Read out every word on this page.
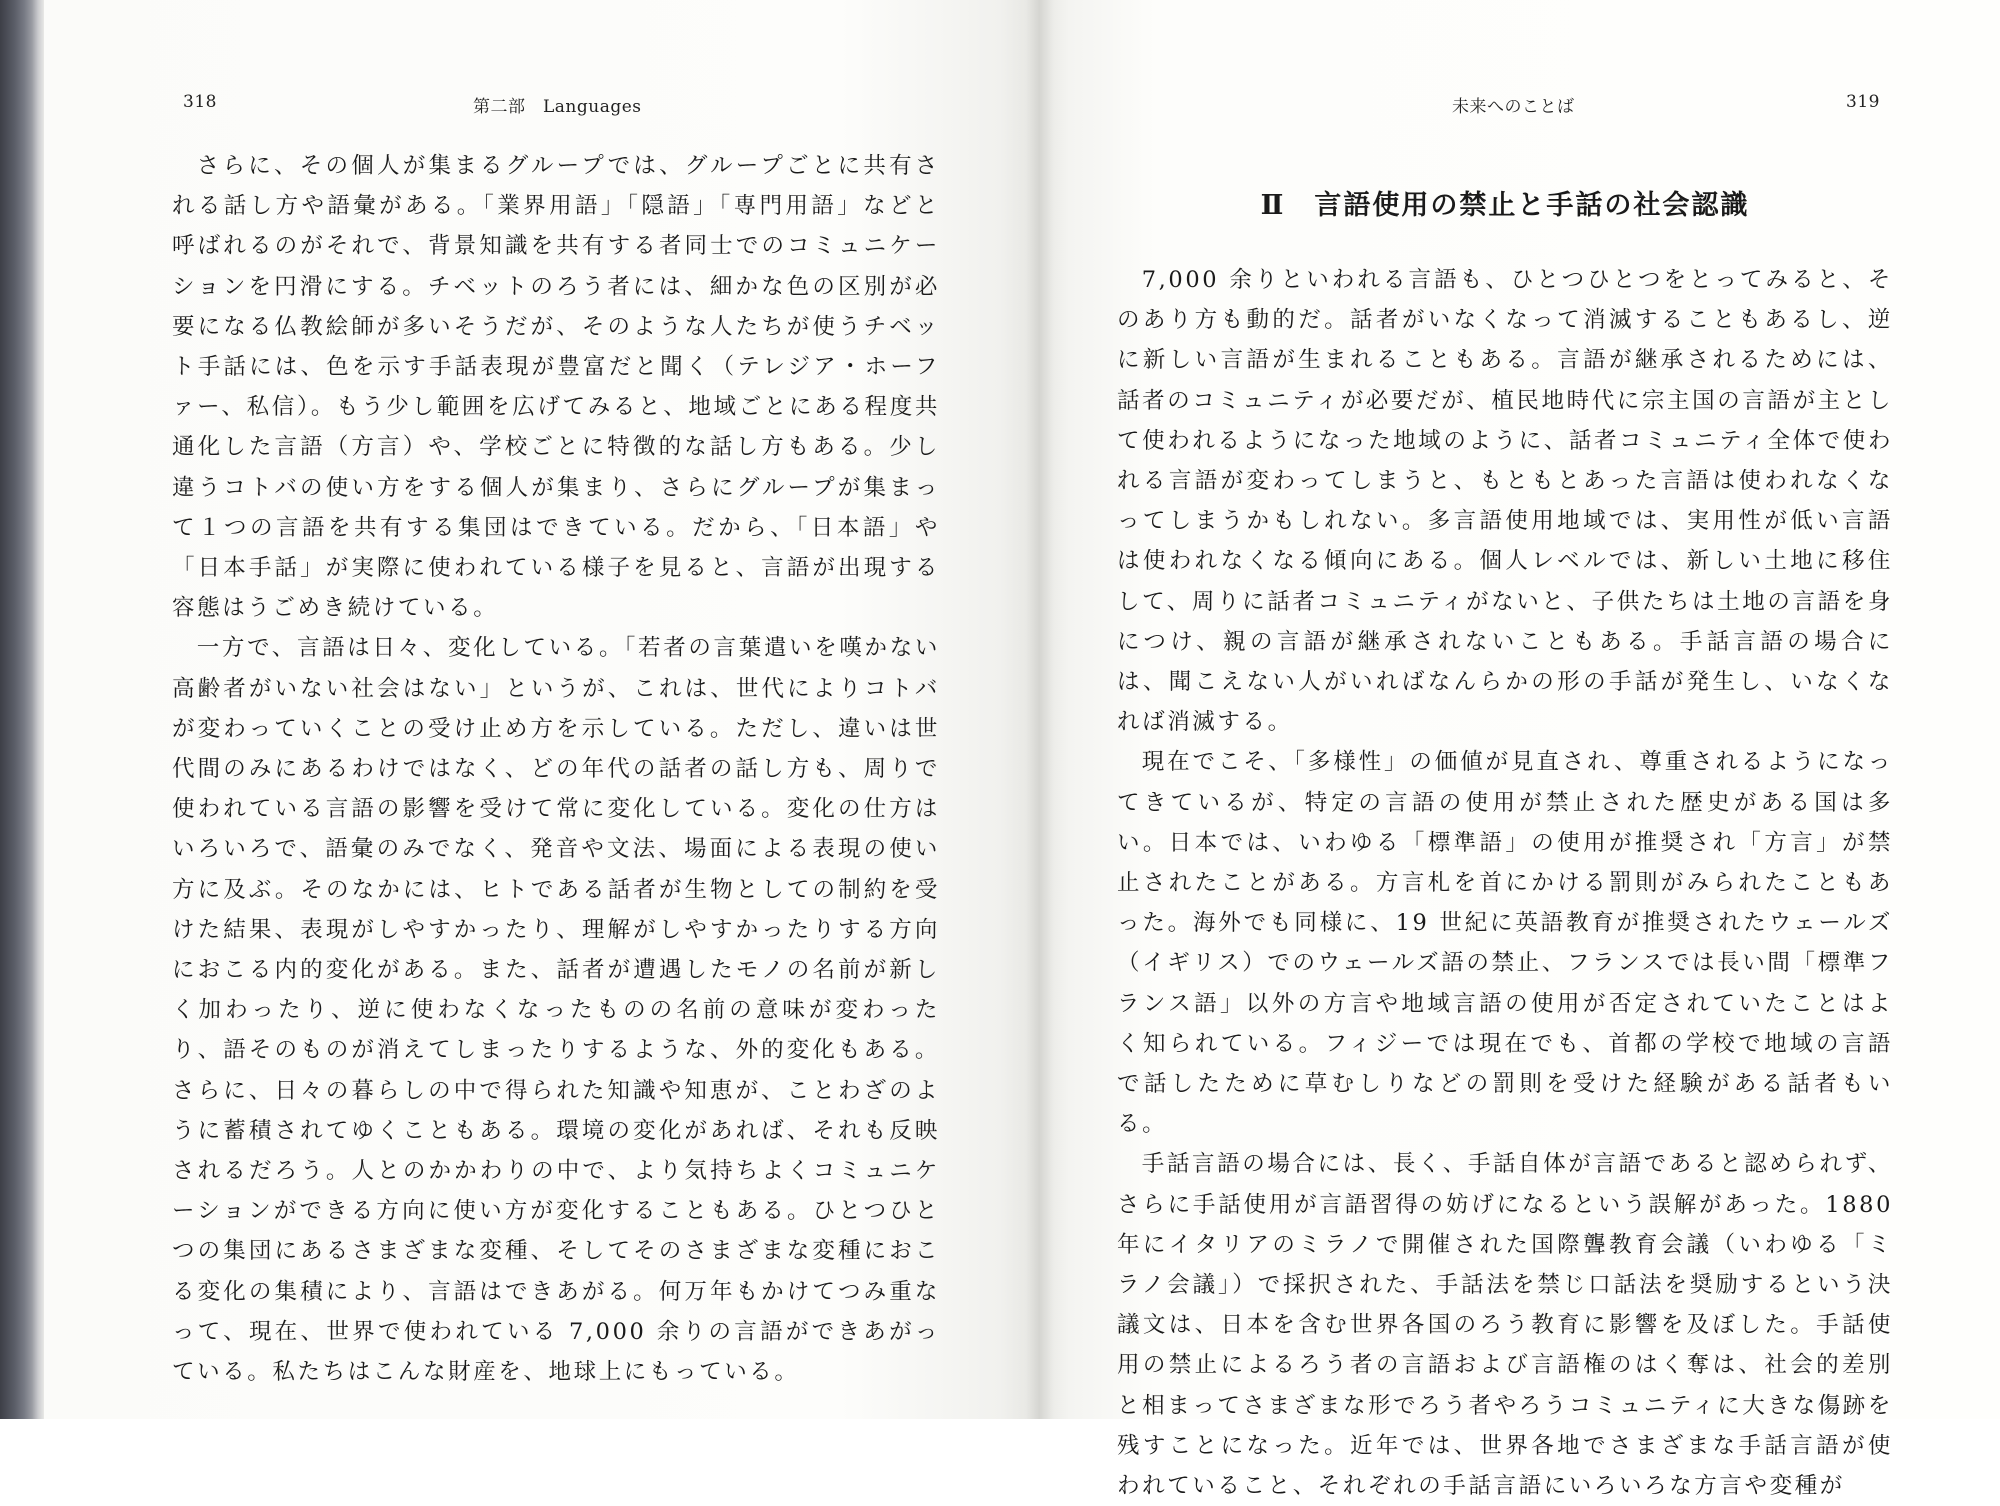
318	第二部　Languages	未来へのことば	319

さらに、その個人が集まるグループでは、グループごとに共有される話し方や語彙がある。「業界用語」「隠語」「専門用語」などと呼ばれるのがそれで、背景知識を共有する者同士でのコミュニケーションを円滑にする。チベットのろう者には、細かな色の区別が必要になる仏教絵師が多いそうだが、そのような人たちが使うチベット手話には、色を示す手話表現が豊富だと聞く（テレジア・ホーファー、私信）。もう少し範囲を広げてみると、地域ごとにある程度共通化した言語（方言）や、学校ごとに特徴的な話し方もある。少し違うコトバの使い方をする個人が集まり、さらにグループが集まって１つの言語を共有する集団はできている。だから、「日本語」や「日本手話」が実際に使われている様子を見ると、言語が出現する容態はうごめき続けている。

一方で、言語は日々、変化している。「若者の言葉遣いを嘆かない高齢者がいない社会はない」というが、これは、世代によりコトバが変わっていくことの受け止め方を示している。ただし、違いは世代間のみにあるわけではなく、どの年代の話者の話し方も、周りで使われている言語の影響を受けて常に変化している。変化の仕方はいろいろで、語彙のみでなく、発音や文法、場面による表現の使い方に及ぶ。そのなかには、ヒトである話者が生物としての制約を受けた結果、表現がしやすかったり、理解がしやすかったりする方向におこる内的変化がある。また、話者が遭遇したモノの名前が新しく加わったり、逆に使わなくなったものの名前の意味が変わったり、語そのものが消えてしまったりするような、外的変化もある。さらに、日々の暮らしの中で得られた知識や知恵が、ことわざのように蓄積されてゆくこともある。環境の変化があれば、それも反映されるだろう。人とのかかわりの中で、より気持ちよくコミュニケーションができる方向に使い方が変化することもある。ひとつひとつの集団にあるさまざまな変種、そしてそのさまざまな変種におこる変化の集積により、言語はできあがる。何万年もかけてつみ重なって、現在、世界で使われている 7,000 余りの言語ができあがっている。私たちはこんな財産を、地球上にもっている。

Ⅱ　言語使用の禁止と手話の社会認識

7,000 余りといわれる言語も、ひとつひとつをとってみると、そのあり方も動的だ。話者がいなくなって消滅することもあるし、逆に新しい言語が生まれることもある。言語が継承されるためには、話者のコミュニティが必要だが、植民地時代に宗主国の言語が主として使われるようになった地域のように、話者コミュニティ全体で使われる言語が変わってしまうと、もともとあった言語は使われなくなってしまうかもしれない。多言語使用地域では、実用性が低い言語は使われなくなる傾向にある。個人レベルでは、新しい土地に移住して、周りに話者コミュニティがないと、子供たちは土地の言語を身につけ、親の言語が継承されないこともある。手話言語の場合には、聞こえない人がいればなんらかの形の手話が発生し、いなくなれば消滅する。

現在でこそ、「多様性」の価値が見直され、尊重されるようになってきているが、特定の言語の使用が禁止された歴史がある国は多い。日本では、いわゆる「標準語」の使用が推奨され「方言」が禁止されたことがある。方言札を首にかける罰則がみられたこともあった。海外でも同様に、19 世紀に英語教育が推奨されたウェールズ（イギリス）でのウェールズ語の禁止、フランスでは長い間「標準フランス語」以外の方言や地域言語の使用が否定されていたことはよく知られている。フィジーでは現在でも、首都の学校で地域の言語で話したために草むしりなどの罰則を受けた経験がある話者もいる。

手話言語の場合には、長く、手話自体が言語であると認められず、さらに手話使用が言語習得の妨げになるという誤解があった。1880 年にイタリアのミラノで開催された国際聾教育会議（いわゆる「ミラノ会議」）で採択された、手話法を禁じ口話法を奨励するという決議文は、日本を含む世界各国のろう教育に影響を及ぼした。手話使用の禁止によるろう者の言語および言語権のはく奪は、社会的差別と相まってさまざまな形でろう者やろうコミュニティに大きな傷跡を残すことになった。近年では、世界各地でさまざまな手話言語が使われていること、それぞれの手話言語にいろいろな方言や変種が
